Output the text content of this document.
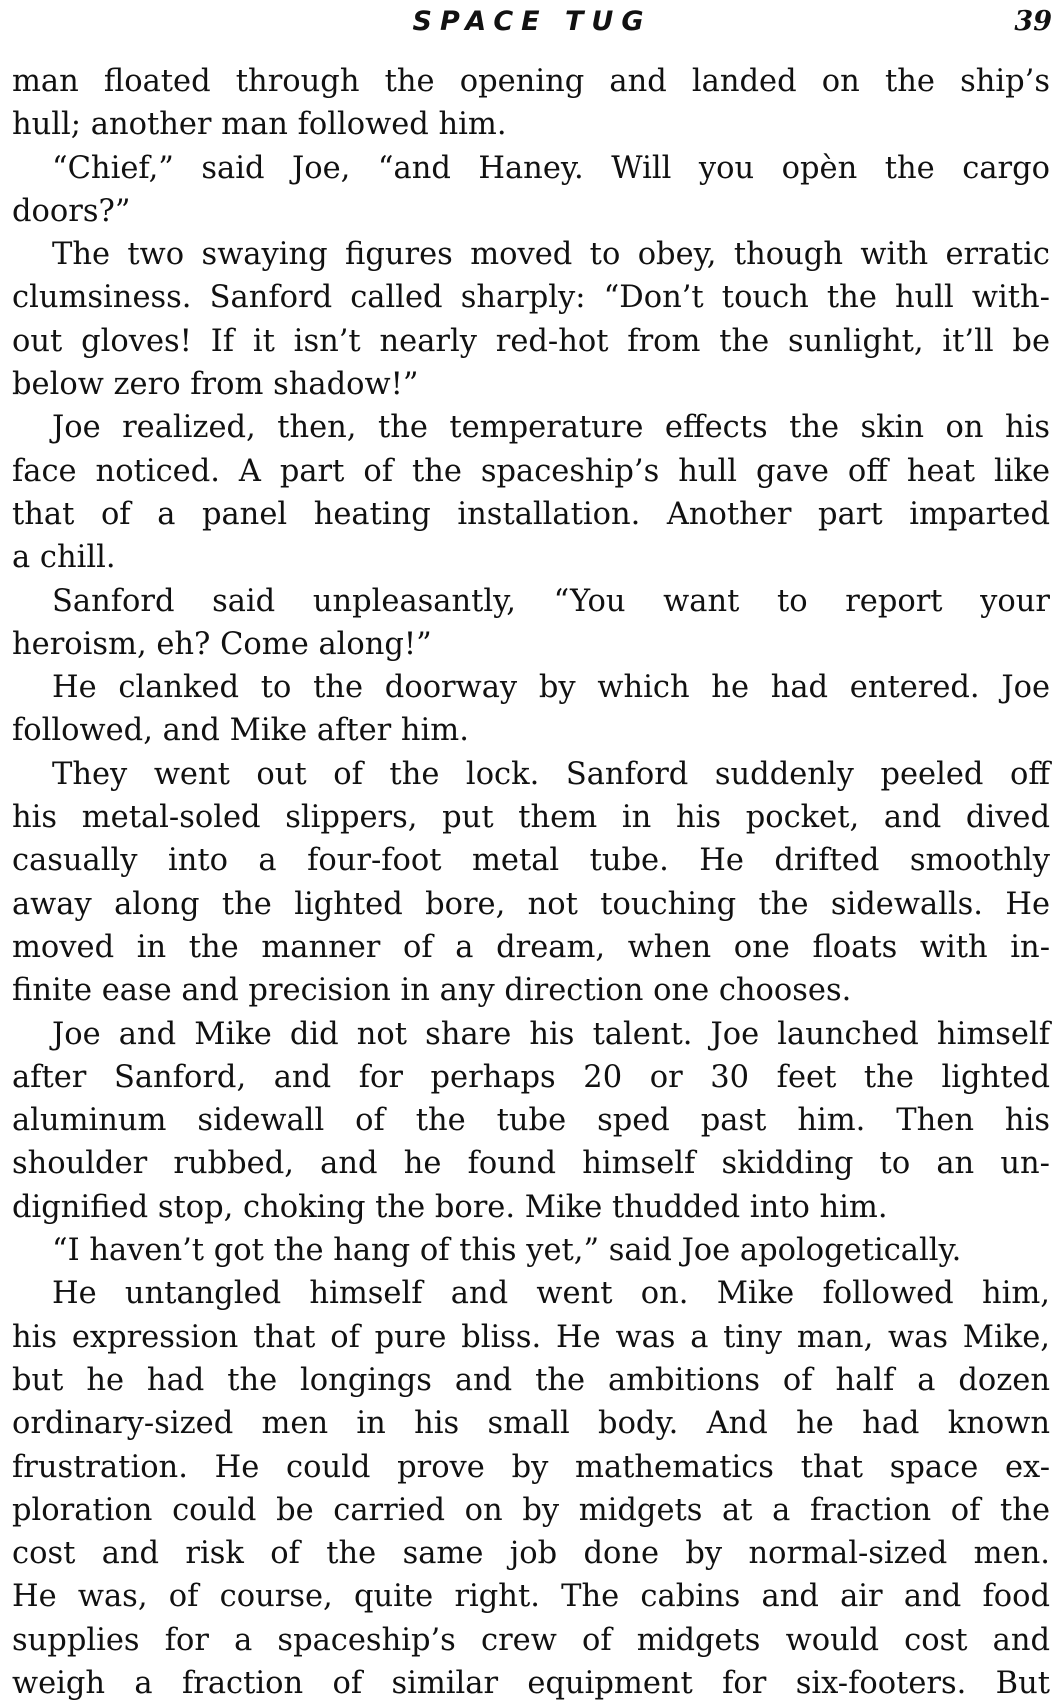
SPACE TUG	39
man floated through the opening and landed on the ship’s
hull; another man followed him.
“Chief,” said Joe, “and Haney. Will you opèn the cargo
doors?”
The two swaying figures moved to obey, though with erratic
clumsiness. Sanford called sharply: “Don’t touch the hull with-
out gloves! If it isn’t nearly red-hot from the sunlight, it’ll be
below zero from shadow!”
Joe realized, then, the temperature effects the skin on his
face noticed. A part of the spaceship’s hull gave off heat like
that of a panel heating installation. Another part imparted
a chill.
Sanford said unpleasantly, “You want to report your
heroism, eh? Come along!”
He clanked to the doorway by which he had entered. Joe
followed, and Mike after him.
They went out of the lock. Sanford suddenly peeled off
his metal-soled slippers, put them in his pocket, and dived
casually into a four-foot metal tube. He drifted smoothly
away along the lighted bore, not touching the sidewalls. He
moved in the manner of a dream, when one floats with in-
finite ease and precision in any direction one chooses.
Joe and Mike did not share his talent. Joe launched himself
after Sanford, and for perhaps 20 or 30 feet the lighted
aluminum sidewall of the tube sped past him. Then his
shoulder rubbed, and he found himself skidding to an un-
dignified stop, choking the bore. Mike thudded into him.
“I haven’t got the hang of this yet,” said Joe apologetically.
He untangled himself and went on. Mike followed him,
his expression that of pure bliss. He was a tiny man, was Mike,
but he had the longings and the ambitions of half a dozen
ordinary-sized men in his small body. And he had known
frustration. He could prove by mathematics that space ex-
ploration could be carried on by midgets at a fraction of the
cost and risk of the same job done by normal-sized men.
He was, of course, quite right. The cabins and air and food
supplies for a spaceship’s crew of midgets would cost and
weigh a fraction of similar equipment for six-footers. But
